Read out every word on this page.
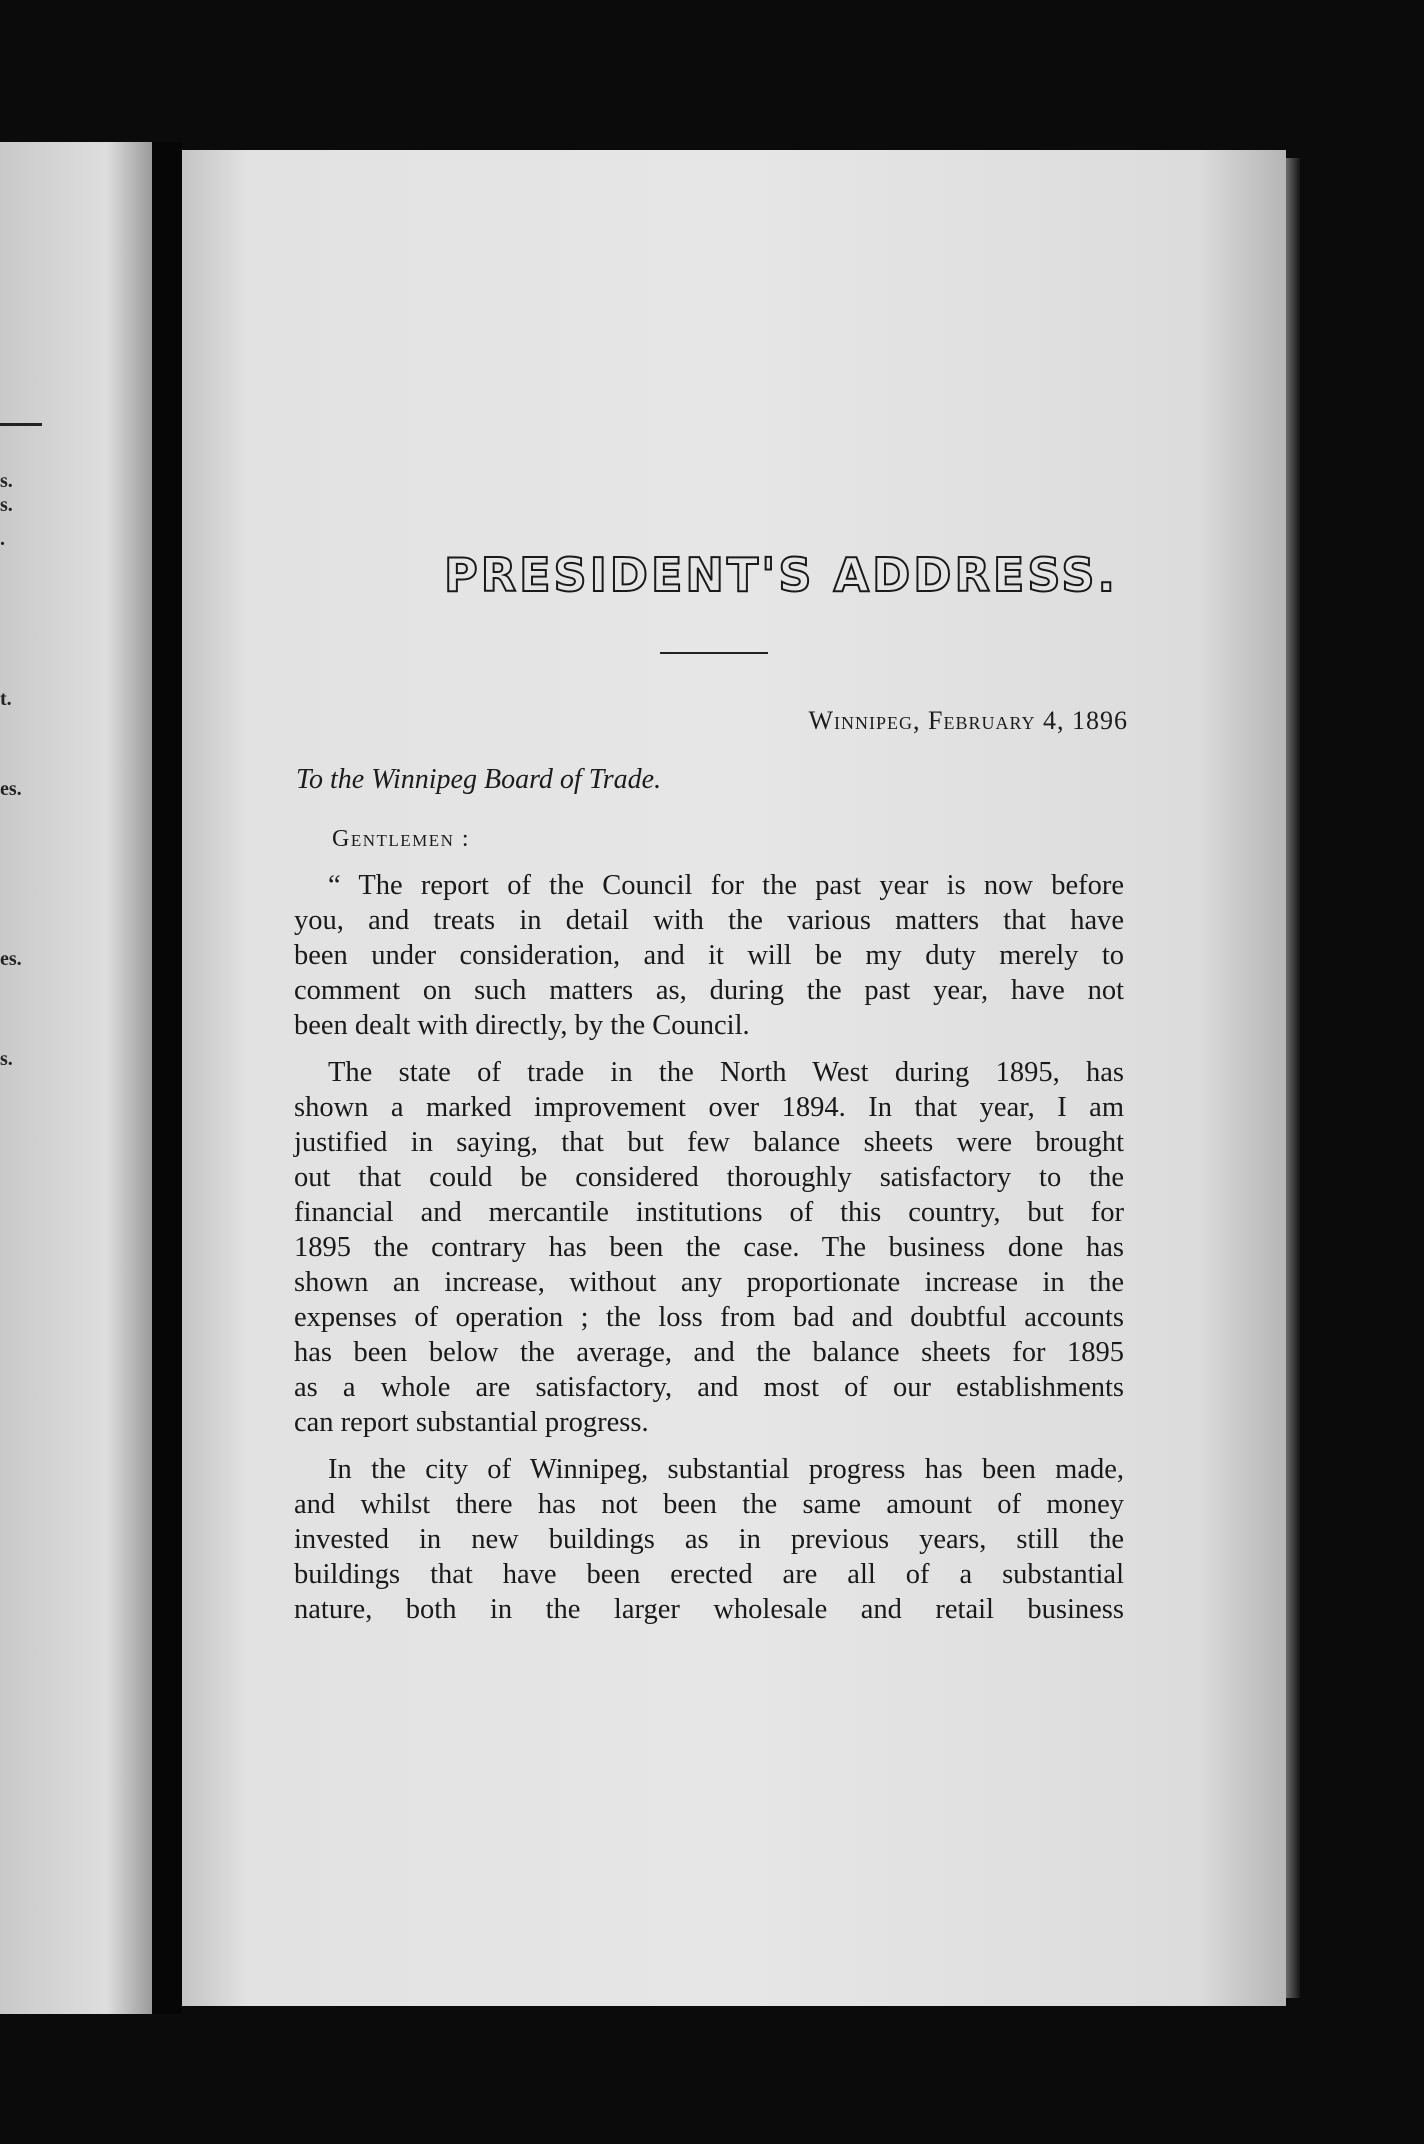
s.
s.
.
t.
es.
es.
s.
PRESIDENT'S ADDRESS.
Winnipeg, February 4, 1896
To the Winnipeg Board of Trade.
Gentlemen :
“ The report of the Council for the past year is now before
you, and treats in detail with the various matters that have
been under consideration, and it will be my duty merely to
comment on such matters as, during the past year, have not
been dealt with directly, by the Council.
The state of trade in the North West during 1895, has
shown a marked improvement over 1894. In that year, I am
justified in saying, that but few balance sheets were brought
out that could be considered thoroughly satisfactory to the
financial and mercantile institutions of this country, but for
1895 the contrary has been the case. The business done has
shown an increase, without any proportionate increase in the
expenses of operation ; the loss from bad and doubtful accounts
has been below the average, and the balance sheets for 1895
as a whole are satisfactory, and most of our establishments
can report substantial progress.
In the city of Winnipeg, substantial progress has been made,
and whilst there has not been the same amount of money
invested in new buildings as in previous years, still the
buildings that have been erected are all of a substantial
nature, both in the larger wholesale and retail business
